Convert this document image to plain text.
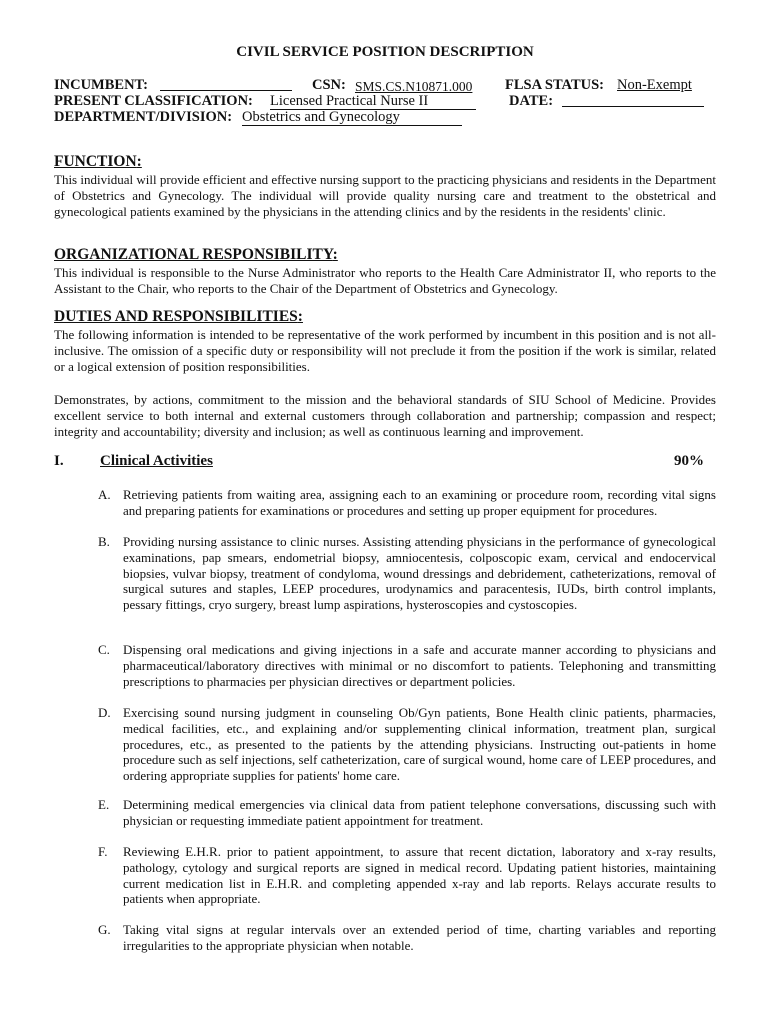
CIVIL SERVICE POSITION DESCRIPTION
INCUMBENT:	CSN: SMS.CS.N10871.000 FLSA STATUS: Non-Exempt
PRESENT CLASSIFICATION: Licensed Practical Nurse II	DATE:
DEPARTMENT/DIVISION: Obstetrics and Gynecology
FUNCTION:
This individual will provide efficient and effective nursing support to the practicing physicians and residents in the Department of Obstetrics and Gynecology. The individual will provide quality nursing care and treatment to the obstetrical and gynecological patients examined by the physicians in the attending clinics and by the residents in the residents' clinic.
ORGANIZATIONAL RESPONSIBILITY:
This individual is responsible to the Nurse Administrator who reports to the Health Care Administrator II, who reports to the Assistant to the Chair, who reports to the Chair of the Department of Obstetrics and Gynecology.
DUTIES AND RESPONSIBILITIES:
The following information is intended to be representative of the work performed by incumbent in this position and is not all-inclusive. The omission of a specific duty or responsibility will not preclude it from the position if the work is similar, related or a logical extension of position responsibilities.
Demonstrates, by actions, commitment to the mission and the behavioral standards of SIU School of Medicine. Provides excellent service to both internal and external customers through collaboration and partnership; compassion and respect; integrity and accountability; diversity and inclusion; as well as continuous learning and improvement.
I. Clinical Activities	90%
A. Retrieving patients from waiting area, assigning each to an examining or procedure room, recording vital signs and preparing patients for examinations or procedures and setting up proper equipment for procedures.
B. Providing nursing assistance to clinic nurses. Assisting attending physicians in the performance of gynecological examinations, pap smears, endometrial biopsy, amniocentesis, colposcopic exam, cervical and endocervical biopsies, vulvar biopsy, treatment of condyloma, wound dressings and debridement, catheterizations, removal of surgical sutures and staples, LEEP procedures, urodynamics and paracentesis, IUDs, birth control implants, pessary fittings, cryo surgery, breast lump aspirations, hysteroscopies and cystoscopies.
C. Dispensing oral medications and giving injections in a safe and accurate manner according to physicians and pharmaceutical/laboratory directives with minimal or no discomfort to patients. Telephoning and transmitting prescriptions to pharmacies per physician directives or department policies.
D. Exercising sound nursing judgment in counseling Ob/Gyn patients, Bone Health clinic patients, pharmacies, medical facilities, etc., and explaining and/or supplementing clinical information, treatment plan, surgical procedures, etc., as presented to the patients by the attending physicians. Instructing out-patients in home procedure such as self injections, self catheterization, care of surgical wound, home care of LEEP procedures, and ordering appropriate supplies for patients' home care.
E. Determining medical emergencies via clinical data from patient telephone conversations, discussing such with physician or requesting immediate patient appointment for treatment.
F. Reviewing E.H.R. prior to patient appointment, to assure that recent dictation, laboratory and x-ray results, pathology, cytology and surgical reports are signed in medical record. Updating patient histories, maintaining current medication list in E.H.R. and completing appended x-ray and lab reports. Relays accurate results to patients when appropriate.
G. Taking vital signs at regular intervals over an extended period of time, charting variables and reporting irregularities to the appropriate physician when notable.
